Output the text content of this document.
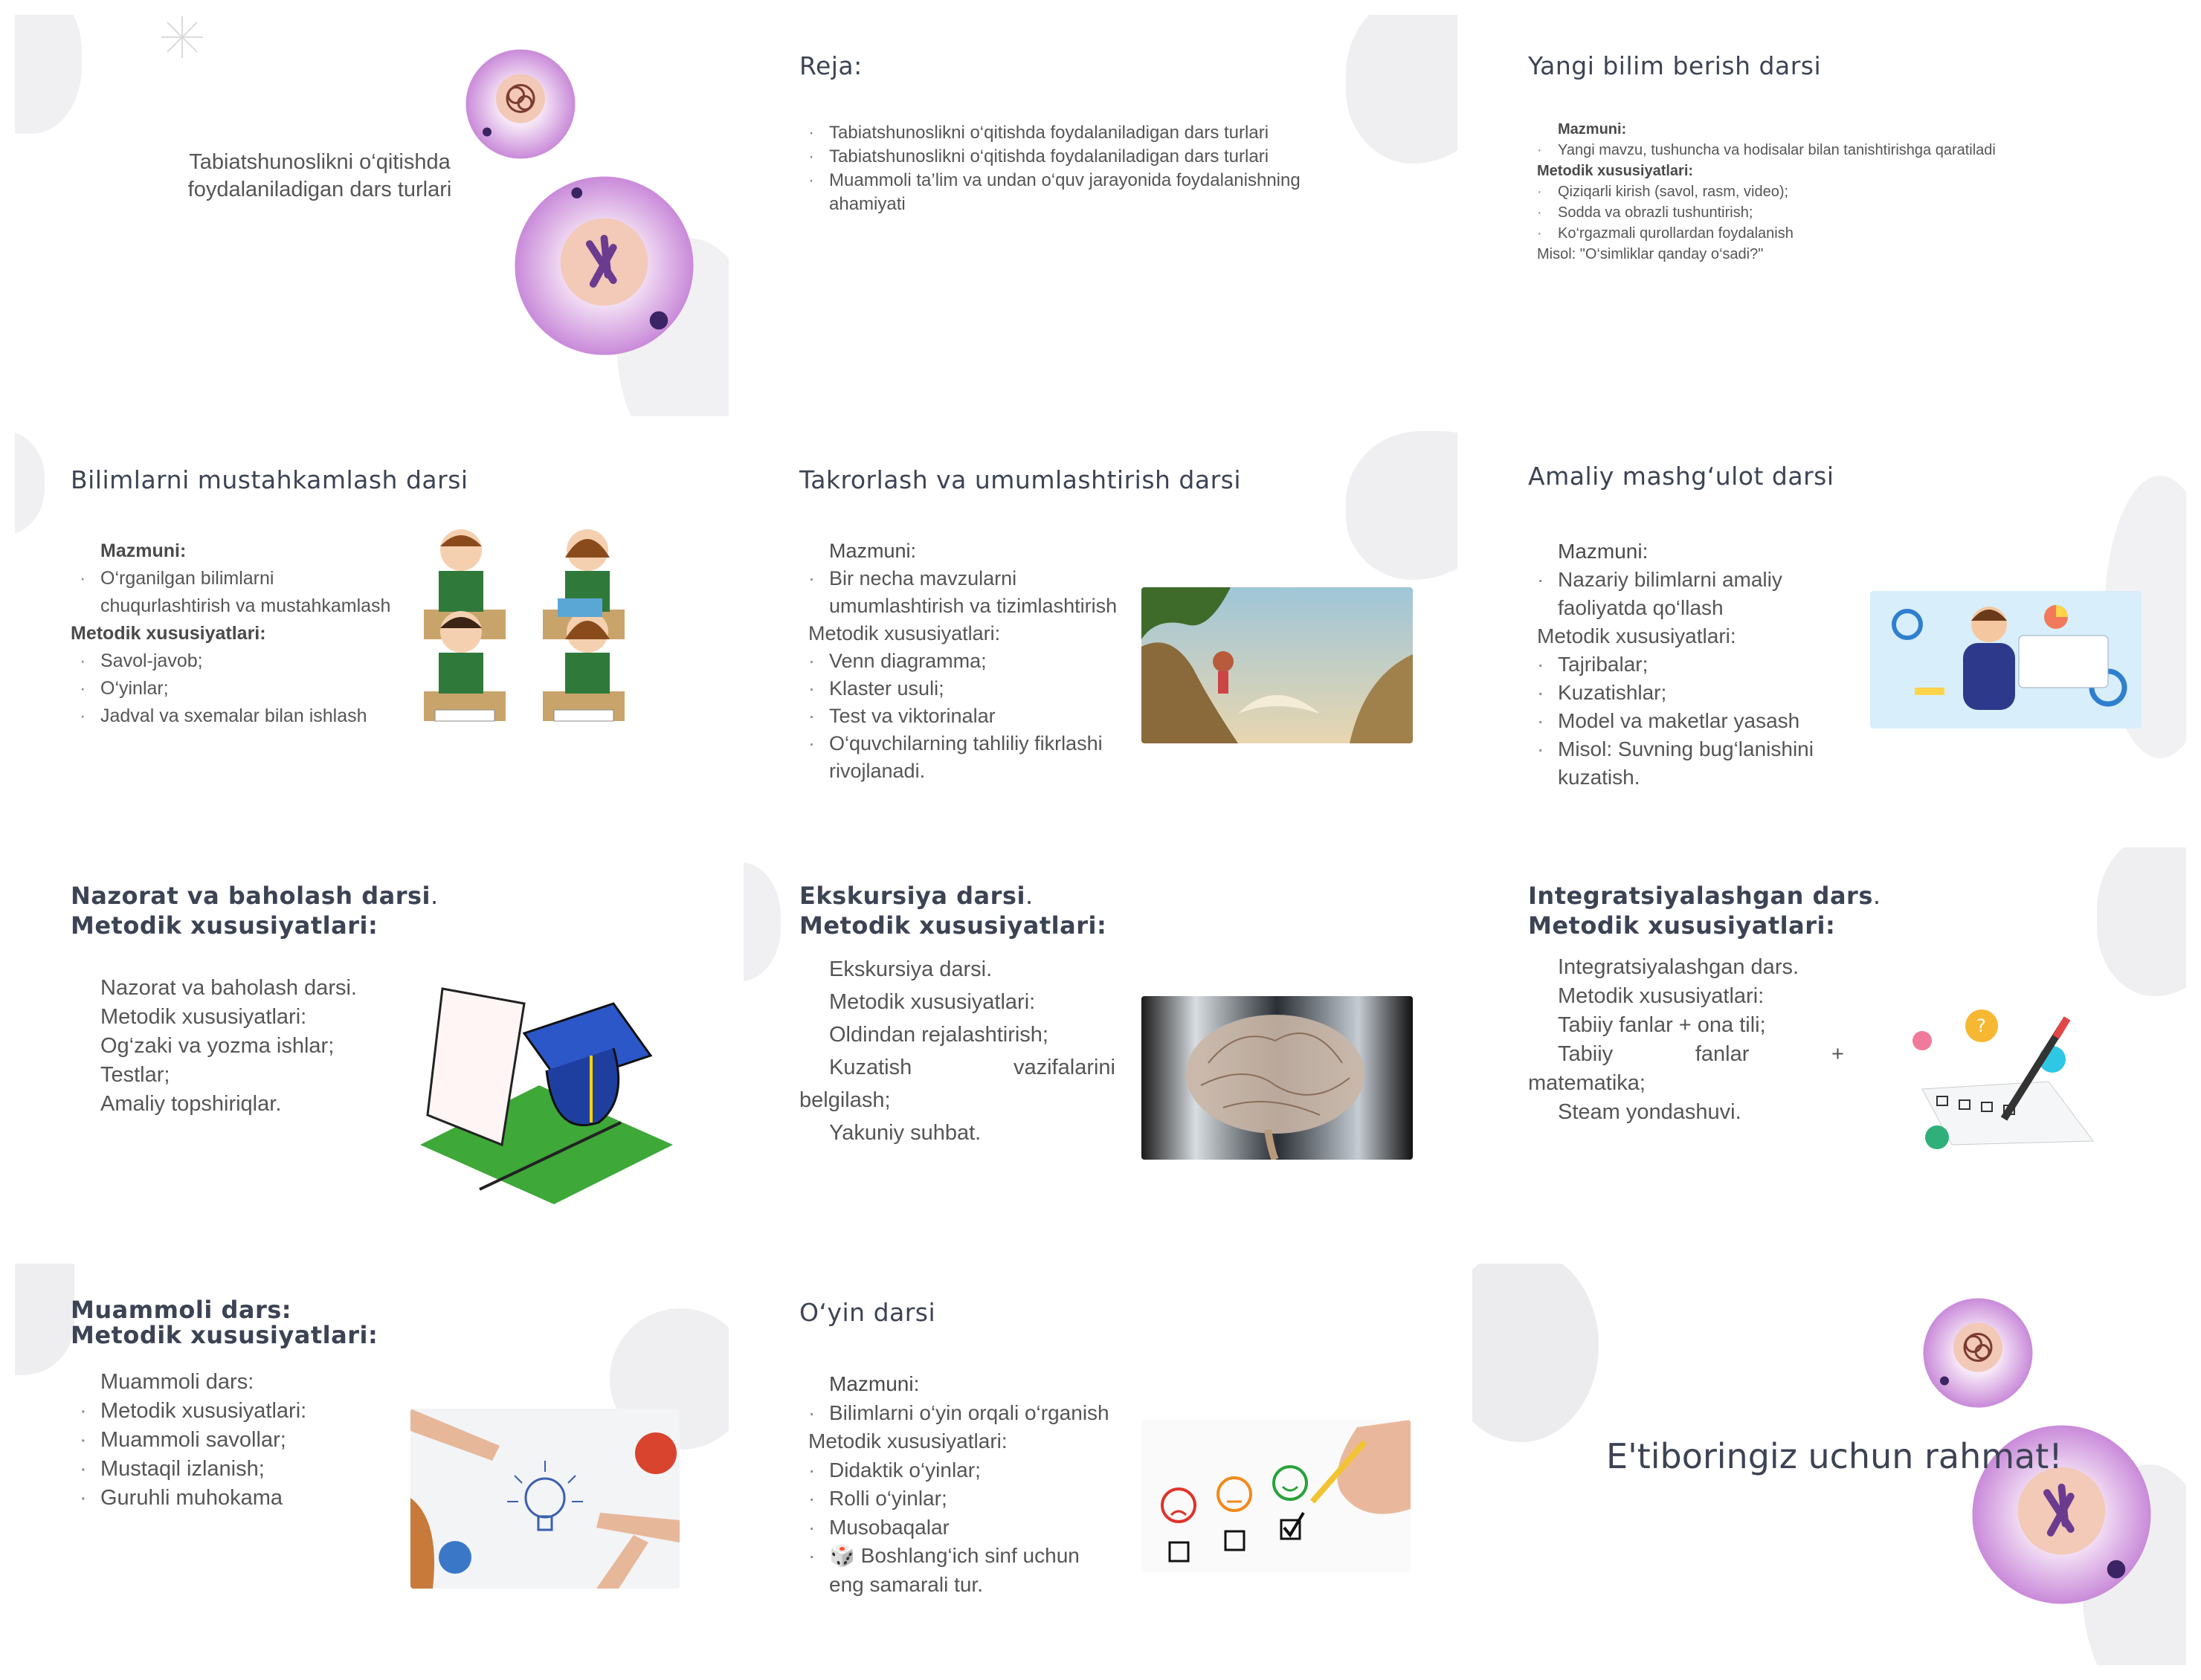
Tabiatshunoslikni o‘qitishda foydalaniladigan dars turlari
Reja:
· Tabiatshunoslikni o‘qitishda foydalaniladigan dars turlari
· Tabiatshunoslikni o‘qitishda foydalaniladigan dars turlari
· Muammoli ta’lim va undan o‘quv jarayonida foydalanishning ahamiyati
Yangi bilim berish darsi
Mazmuni:
· Yangi mavzu, tushuncha va hodisalar bilan tanishtirishga qaratiladi
Metodik xususiyatlari:
· Qiziqarli kirish (savol, rasm, video);
· Sodda va obrazli tushuntirish;
· Ko‘rgazmali qurollardan foydalanish
Misol: "O‘simliklar qanday o‘sadi?"
Bilimlarni mustahkamlash darsi
Mazmuni:
· O‘rganilgan bilimlarni chuqurlashtirish va mustahkamlash
Metodik xususiyatlari:
· Savol-javob;
· O‘yinlar;
· Jadval va sxemalar bilan ishlash
Takrorlash va umumlashtirish darsi
Mazmuni:
· Bir necha mavzularni umumlashtirish va tizimlashtirish
Metodik xususiyatlari:
· Venn diagramma;
· Klaster usuli;
· Test va viktorinalar
· O‘quvchilarning tahliliy fikrlashi rivojlanadi.
Amaliy mashg‘ulot darsi
Mazmuni:
· Nazariy bilimlarni amaliy faoliyatda qo‘llash
Metodik xususiyatlari:
· Tajribalar;
· Kuzatishlar;
· Model va maketlar yasash
· Misol: Suvning bug‘lanishini kuzatish.
Nazorat va baholash darsi.
Metodik xususiyatlari:
Nazorat va baholash darsi.
Metodik xususiyatlari:
Og‘zaki va yozma ishlar;
Testlar;
Amaliy topshiriqlar.
Ekskursiya darsi.
Metodik xususiyatlari:
Ekskursiya darsi.
Metodik xususiyatlari:
Oldindan rejalashtirish;
Kuzatish vazifalarini belgilash;
Yakuniy suhbat.
Integratsiyalashgan dars.
Metodik xususiyatlari:
Integratsiyalashgan dars.
Metodik xususiyatlari:
Tabiiy fanlar + ona tili;
Tabiiy fanlar + matematika;
Steam yondashuvi.
?
Muammoli dars:
Metodik xususiyatlari:
Muammoli dars:
· Metodik xususiyatlari:
· Muammoli savollar;
· Mustaqil izlanish;
· Guruhli muhokama
O‘yin darsi
Mazmuni:
· Bilimlarni o‘yin orqali o‘rganish
Metodik xususiyatlari:
· Didaktik o‘yinlar;
· Rolli o‘yinlar;
· Musobaqalar
· 🎲 Boshlang‘ich sinf uchun eng samarali tur.
E'tiboringiz uchun rahmat!
